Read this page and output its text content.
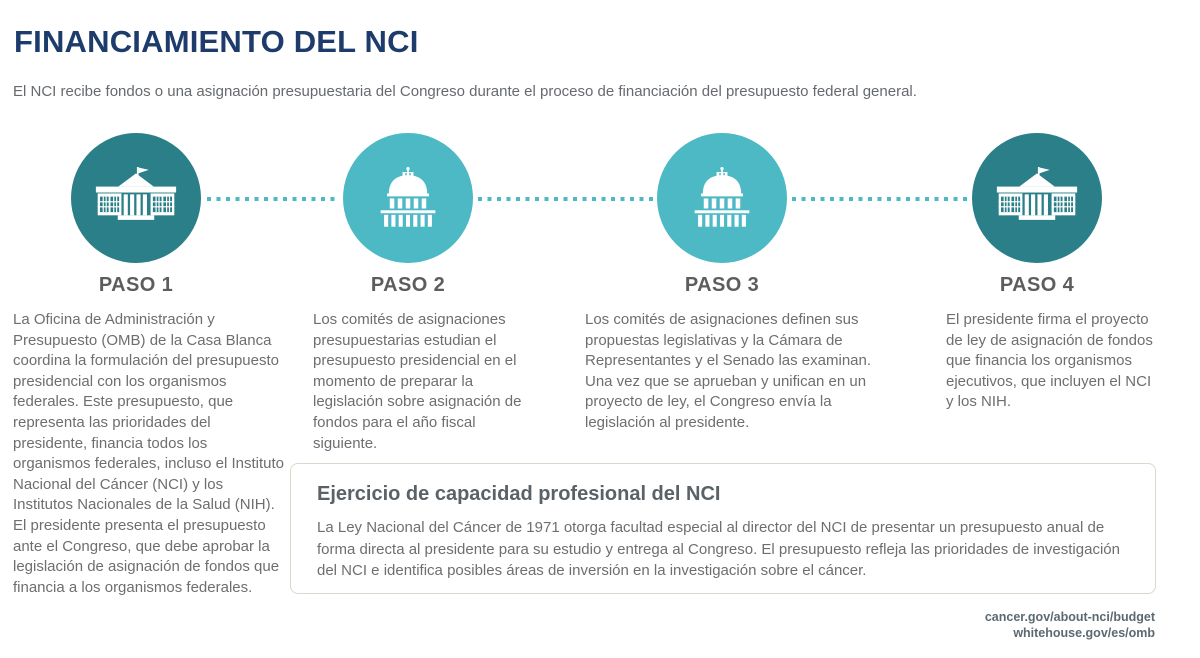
FINANCIAMIENTO DEL NCI
El NCI recibe fondos o una asignación presupuestaria del Congreso durante el proceso de financiación del presupuesto federal general.
PASO 1	PASO 2	PASO 3	PASO 4
La Oficina de Administración y Presupuesto (OMB) de la Casa Blanca coordina la formulación del presupuesto presidencial con los organismos federales. Este presupuesto, que representa las prioridades del presidente, financia todos los organismos federales, incluso el Instituto Nacional del Cáncer (NCI) y los Institutos Nacionales de la Salud (NIH). El presidente presenta el presupuesto ante el Congreso, que debe aprobar la legislación de asignación de fondos que financia a los organismos federales.
Los comités de asignaciones presupuestarias estudian el presupuesto presidencial en el momento de preparar la legislación sobre asignación de fondos para el año fiscal siguiente.
Los comités de asignaciones definen sus propuestas legislativas y la Cámara de Representantes y el Senado las examinan. Una vez que se aprueban y unifican en un proyecto de ley, el Congreso envía la legislación al presidente.
El presidente firma el proyecto de ley de asignación de fondos que financia los organismos ejecutivos, que incluyen el NCI y los NIH.
Ejercicio de capacidad profesional del NCI
La Ley Nacional del Cáncer de 1971 otorga facultad especial al director del NCI de presentar un presupuesto anual de forma directa al presidente para su estudio y entrega al Congreso. El presupuesto refleja las prioridades de investigación del NCI e identifica posibles áreas de inversión en la investigación sobre el cáncer.
cancer.gov/about-nci/budget
whitehouse.gov/es/omb
